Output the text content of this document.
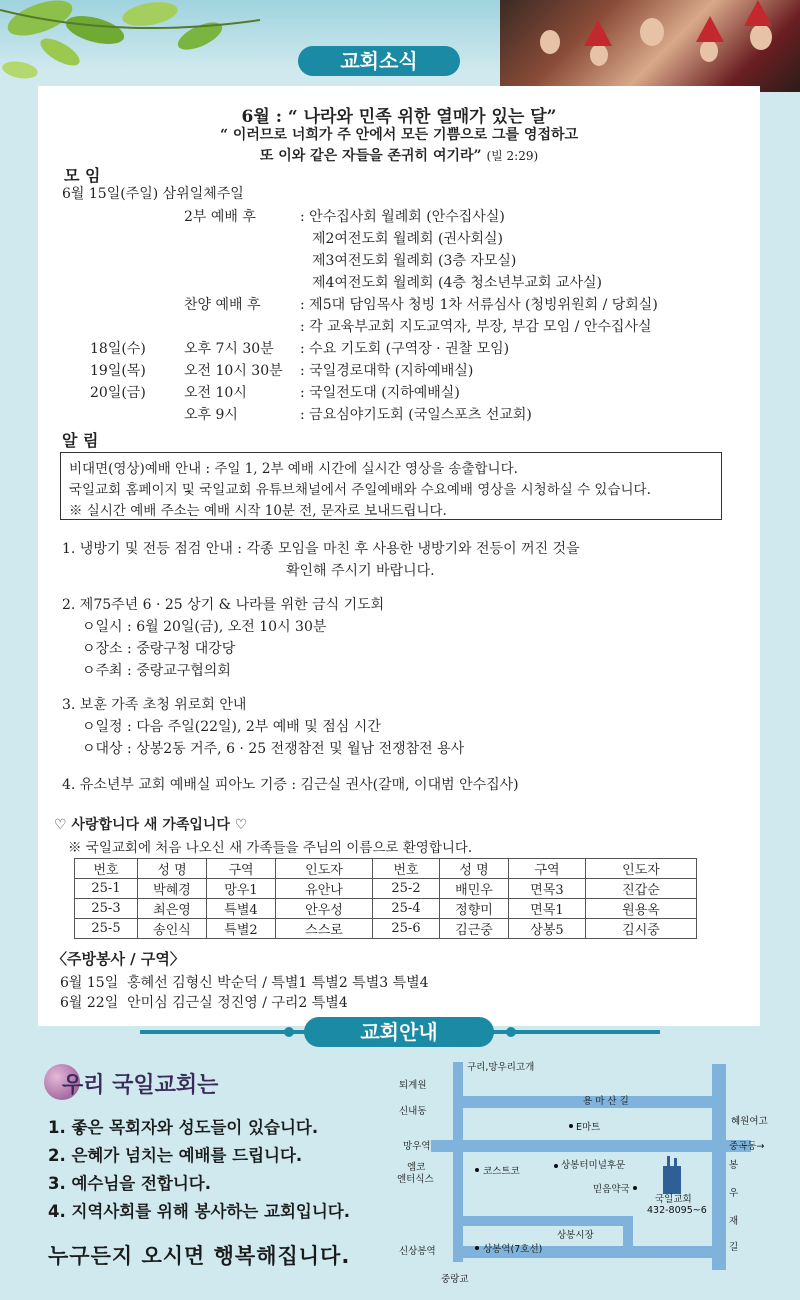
6월 : “ 나라와 민족 위한 열매가 있는 달”
“ 이러므로 너희가 주 안에서 모든 기쁨으로 그를 영접하고
또 이와 같은 자들을 존귀히 여기라” (빌 2:29)
모 임
6월 15일(주일) 삼위일체주일
2부 예배 후	: 안수집사회 월례회 (안수집사실)
제2여전도회 월례회 (권사회실)
제3여전도회 월례회 (3층 자모실)
제4여전도회 월례회 (4층 청소년부교회 교사실)
찬양 예배 후	: 제5대 담임목사 청빙 1차 서류심사 (청빙위원회 / 당회실)
: 각 교육부교회 지도교역자, 부장, 부감 모임 / 안수집사실
18일(수)	오후 7시 30분 : 수요 기도회 (구역장 · 권찰 모임)
19일(목)	오전 10시 30분 : 국일경로대학 (지하예배실)
20일(금)	오전 10시	: 국일전도대 (지하예배실)
오후 9시	: 금요심야기도회 (국일스포츠 선교회)
알 림
비대면(영상)예배 안내 : 주일 1, 2부 예배 시간에 실시간 영상을 송출합니다.
국일교회 홈페이지 및 국일교회 유튜브채널에서 주일예배와 수요예배 영상을 시청하실 수 있습니다.
※ 실시간 예배 주소는 예배 시작 10분 전, 문자로 보내드립니다.
1. 냉방기 및 전등 점검 안내 : 각종 모임을 마친 후 사용한 냉방기와 전등이 꺼진 것을
확인해 주시기 바랍니다.
2. 제75주년 6 · 25 상기 & 나라를 위한 금식 기도회
ㅇ일시 : 6월 20일(금), 오전 10시 30분
ㅇ장소 : 중랑구청 대강당
ㅇ주최 : 중랑교구협의회
3. 보훈 가족 초청 위로회 안내
ㅇ일정 : 다음 주일(22일), 2부 예배 및 점심 시간
ㅇ대상 : 상봉2동 거주, 6 · 25 전쟁참전 및 월남 전쟁참전 용사
4. 유소년부 교회 예배실 피아노 기증 : 김근실 권사(갈매, 이대범 안수집사)
♡ 사랑합니다 새 가족입니다 ♡
※ 국일교회에 처음 나오신 새 가족들을 주님의 이름으로 환영합니다.
번호	성 명	구역	인도자	번호	성 명	구역	인도자
25-1	박혜경	망우1	유안나	25-2	배민우	면목3	진갑순
25-3	최은영	특별4	안우성	25-4	정향미	면목1	원용옥
25-5	송인식	특별2	스스로	25-6	김근중	상봉5	김시중
〈주방봉사 / 구역〉
6월 15일 홍혜선 김형신 박순덕 / 특별1 특별2 특별3 특별4
6월 22일 안미심 김근실 정진영 / 구리2 특별4
교회소식
교회안내
우리 국일교회는
1. 좋은 목회자와 성도들이 있습니다.
2. 은혜가 넘치는 예배를 드립니다.
3. 예수님을 전합니다.
4. 지역사회를 위해 봉사하는 교회입니다.
누구든지 오시면 행복해집니다.
구리,망우리고개
퇴계원
용 마 산 길
신내동
E마트
혜원여고
망우역	중곡동→
엠코
엔터식스
코스트코
상봉터미널후문
믿음약국
국일교회
432-8095~6
봉
우
재
길
상봉시장
신상봉역	상봉역(7호선)
중랑교
